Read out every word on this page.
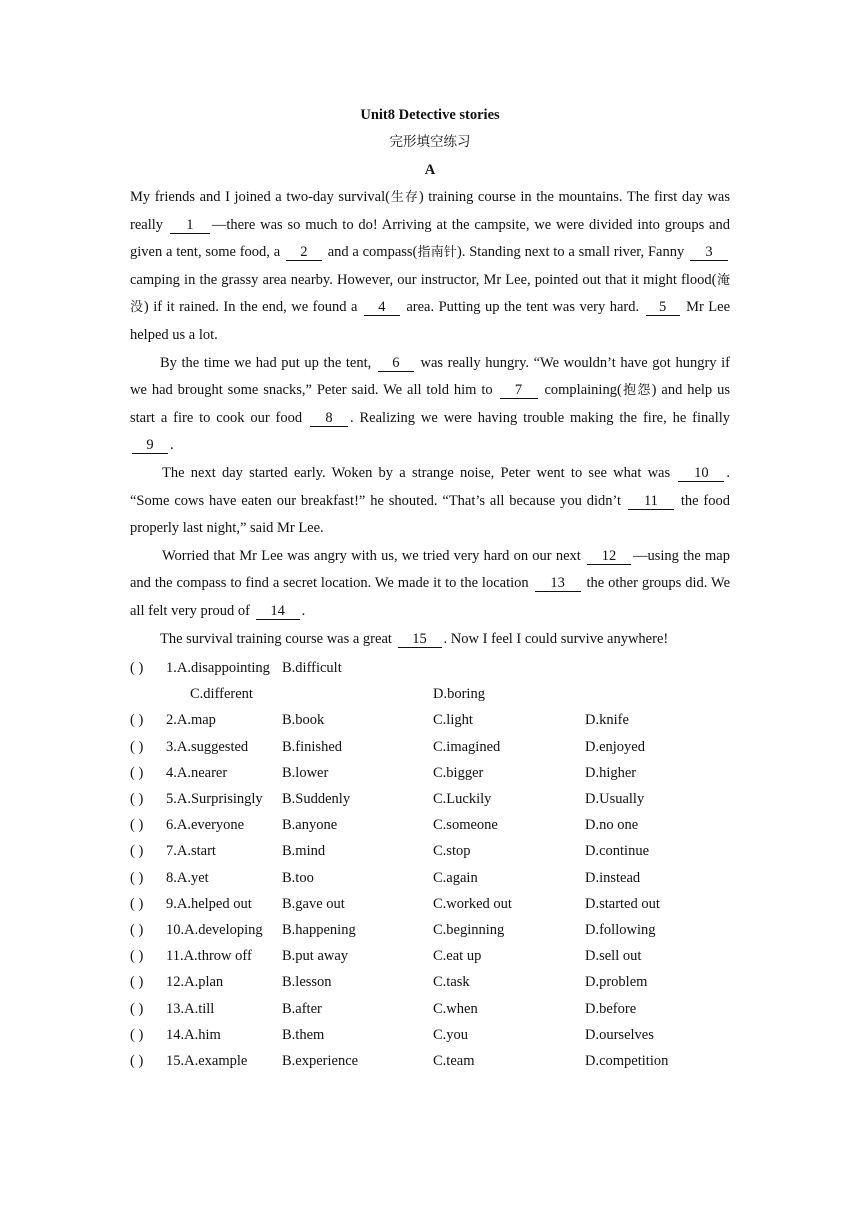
Unit8 Detective stories
完形填空练习
A

My friends and I joined a two-day survival(生存) training course in the mountains. The first day was really 1 —there was so much to do! Arriving at the campsite, we were divided into groups and given a tent, some food, a 2 and a compass(指南针). Standing next to a small river, Fanny 3 camping in the grassy area nearby. However, our instructor, Mr Lee, pointed out that it might flood(淹没) if it rained. In the end, we found a 4 area. Putting up the tent was very hard. 5 Mr Lee helped us a lot.

By the time we had put up the tent, 6 was really hungry. “We wouldn’t have got hungry if we had brought some snacks,” Peter said. We all told him to 7 complaining(抱怨) and help us start a fire to cook our food 8 . Realizing we were having trouble making the fire, he finally 9 .

The next day started early. Woken by a strange noise, Peter went to see what was 10 . “Some cows have eaten our breakfast!” he shouted. “That’s all because you didn’t 11 the food properly last night,” said Mr Lee.

Worried that Mr Lee was angry with us, we tried very hard on our next 12 —using the map and the compass to find a secret location. We made it to the location 13 the other groups did. We all felt very proud of 14 .

The survival training course was a great 15 . Now I feel I could survive anywhere!

( )	1.A.disappointing B.difficult
C.different	D.boring
( )	2.A.map	B.book	C.light	D.knife
( )	3.A.suggested	B.finished	C.imagined	D.enjoyed
( )	4.A.nearer	B.lower	C.bigger	D.higher
( )	5.A.Surprisingly	B.Suddenly	C.Luckily	D.Usually
( )	6.A.everyone	B.anyone	C.someone	D.no one
( )	7.A.start	B.mind	C.stop	D.continue
( )	8.A.yet	B.too	C.again	D.instead
( )	9.A.helped out	B.gave out	C.worked out	D.started out
( )	10.A.developing	B.happening	C.beginning	D.following
( )	11.A.throw off	B.put away	C.eat up	D.sell out
( )	12.A.plan	B.lesson	C.task	D.problem
( )	13.A.till	B.after	C.when	D.before
( )	14.A.him	B.them	C.you	D.ourselves
( )	15.A.example	B.experience	C.team	D.competition
